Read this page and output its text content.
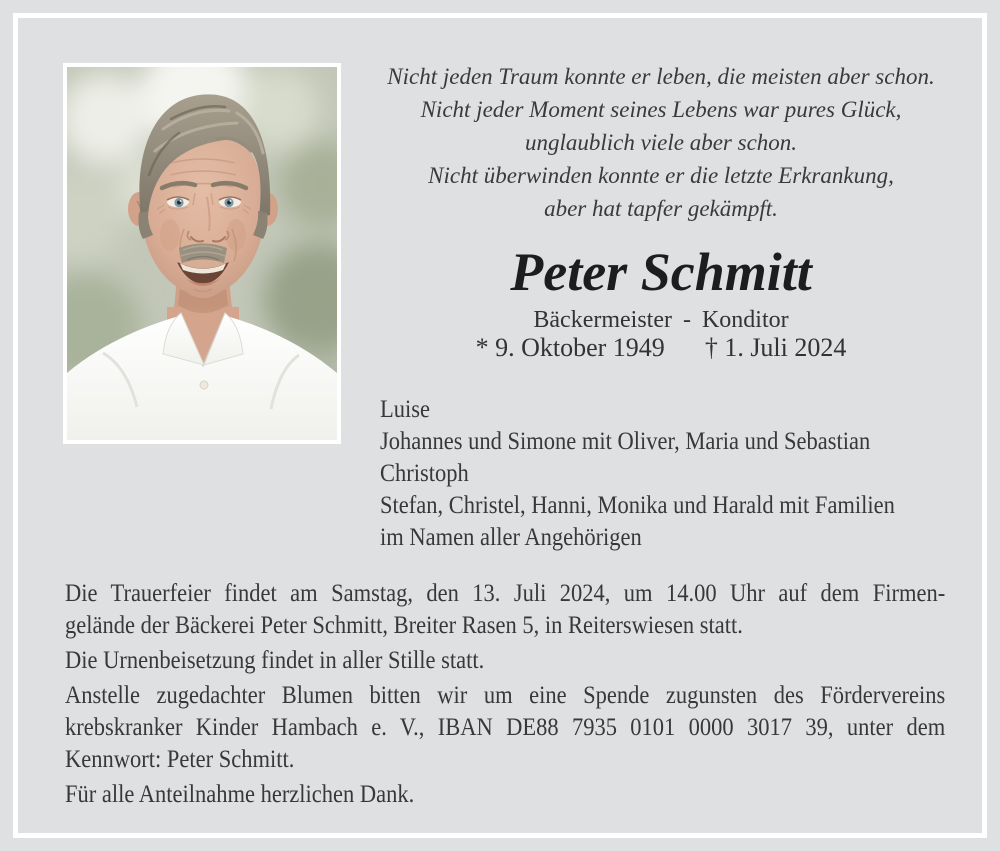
Nicht jeden Traum konnte er leben, die meisten aber schon.
Nicht jeder Moment seines Lebens war pures Glück,
unglaublich viele aber schon.
Nicht überwinden konnte er die letzte Erkrankung,
aber hat tapfer gekämpft.
Peter Schmitt
Bäckermeister - Konditor
* 9. Oktober 1949 † 1. Juli 2024
Luise
Johannes und Simone mit Oliver, Maria und Sebastian
Christoph
Stefan, Christel, Hanni, Monika und Harald mit Familien
im Namen aller Angehörigen

Die Trauerfeier findet am Samstag, den 13. Juli 2024, um 14.00 Uhr auf dem Firmen-
gelände der Bäckerei Peter Schmitt, Breiter Rasen 5, in Reiterswiesen statt.

Die Urnenbeisetzung findet in aller Stille statt.

Anstelle zugedachter Blumen bitten wir um eine Spende zugunsten des Fördervereins
krebskranker Kinder Hambach e. V., IBAN DE88 7935 0101 0000 3017 39, unter dem
Kennwort: Peter Schmitt.

Für alle Anteilnahme herzlichen Dank.
